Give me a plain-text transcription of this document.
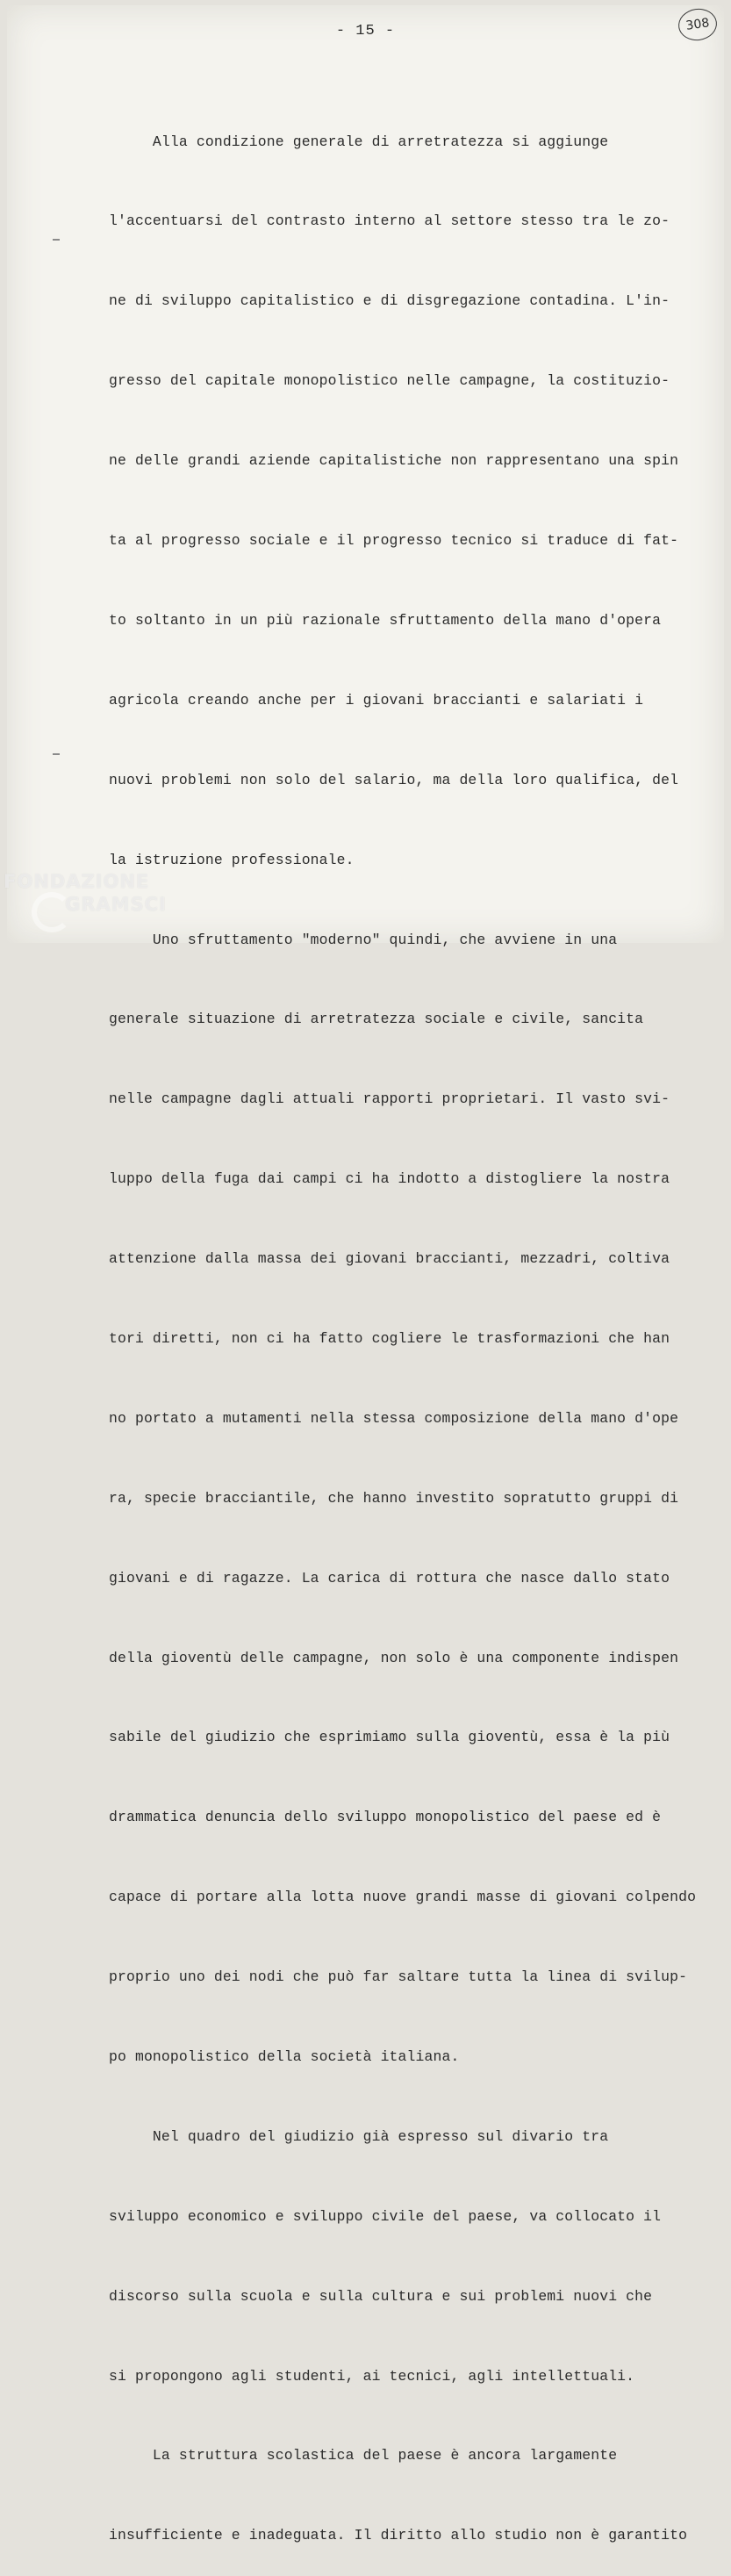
- 15 -	308

Alla condizione generale di arretratezza si aggiunge

l'accentuarsi del contrasto interno al settore stesso tra le zo-

ne di sviluppo capitalistico e di disgregazione contadina. L'in-

gresso del capitale monopolistico nelle campagne, la costituzio-

ne delle grandi aziende capitalistiche non rappresentano una spin

ta al progresso sociale e il progresso tecnico si traduce di fat-

to soltanto in un più razionale sfruttamento della mano d'opera

agricola creando anche per i giovani braccianti e salariati i

nuovi problemi non solo del salario, ma della loro qualifica, del

la istruzione professionale.

Uno sfruttamento "moderno" quindi, che avviene in una

generale situazione di arretratezza sociale e civile, sancita

nelle campagne dagli attuali rapporti proprietari. Il vasto svi-

luppo della fuga dai campi ci ha indotto a distogliere la nostra

attenzione dalla massa dei giovani braccianti, mezzadri, coltiva

tori diretti, non ci ha fatto cogliere le trasformazioni che han

no portato a mutamenti nella stessa composizione della mano d'ope

ra, specie bracciantile, che hanno investito sopratutto gruppi di

giovani e di ragazze. La carica di rottura che nasce dallo stato

della gioventù delle campagne, non solo è una componente indispen

sabile del giudizio che esprimiamo sulla gioventù, essa è la più

drammatica denuncia dello sviluppo monopolistico del paese ed è

capace di portare alla lotta nuove grandi masse di giovani colpendo

proprio uno dei nodi che può far saltare tutta la linea di svilup-

po monopolistico della società italiana.

Nel quadro del giudizio già espresso sul divario tra

sviluppo economico e sviluppo civile del paese, va collocato il

discorso sulla scuola e sulla cultura e sui problemi nuovi che

si propongono agli studenti, ai tecnici, agli intellettuali.

La struttura scolastica del paese è ancora largamente

insufficiente e inadeguata. Il diritto allo studio non è garantito

FONDAZIONE
GRAMSCI
